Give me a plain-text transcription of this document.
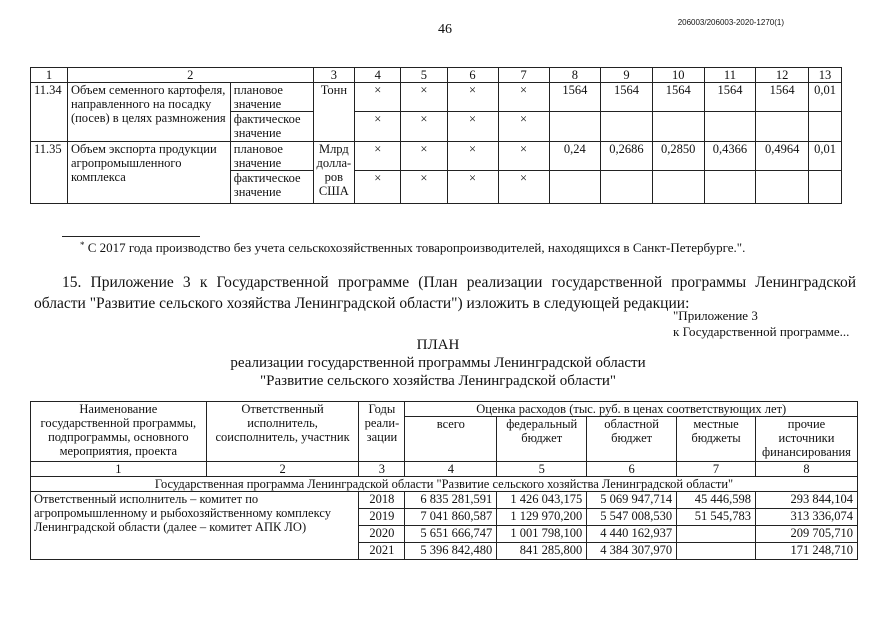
46	206003/206003-2020-1270(1)
1	2		3	4	5	6	7	8	9	10	11	12	13
11.34	Объем семенного картофеля, направленного на посадку (посев) в целях размножения	плановое значение	Тонн	×	×	×	×	1564	1564	1564	1564	1564	0,01
		фактическое значение		×	×	×	×						
11.35	Объем экспорта продукции агропромышленного комплекса	плановое значение	Млрд долла-ров США	×	×	×	×	0,24	0,2686	0,2850	0,4366	0,4964	0,01
		фактическое значение		×	×	×	×						
* С 2017 года производство без учета сельскохозяйственных товаропроизводителей, находящихся в Санкт-Петербурге.".
15. Приложение 3 к Государственной программе (План реализации государственной программы Ленинградской области "Развитие сельского хозяйства Ленинградской области") изложить в следующей редакции:
"Приложение 3
к Государственной программе...
ПЛАН
реализации государственной программы Ленинградской области
"Развитие сельского хозяйства Ленинградской области"
Наименование государственной программы, подпрограммы, основного мероприятия, проекта	Ответственный исполнитель, соисполнитель, участник	Годы реали-зации	Оценка расходов (тыс. руб. в ценах соответствующих лет)				
			всего	федеральный бюджет	областной бюджет	местные бюджеты	прочие источники финансирования
1	2	3	4	5	6	7	8
Государственная программа Ленинградской области "Развитие сельского хозяйства Ленинградской области"							
Ответственный исполнитель – комитет по агропромышленному и рыбохозяйственному комплексу Ленинградской области (далее – комитет АПК ЛО)		2018	6 835 281,591	1 426 043,175	5 069 947,714	45 446,598	293 844,104
		2019	7 041 860,587	1 129 970,200	5 547 008,530	51 545,783	313 336,074
		2020	5 651 666,747	1 001 798,100	4 440 162,937		209 705,710
		2021	5 396 842,480	841 285,800	4 384 307,970		171 248,710
